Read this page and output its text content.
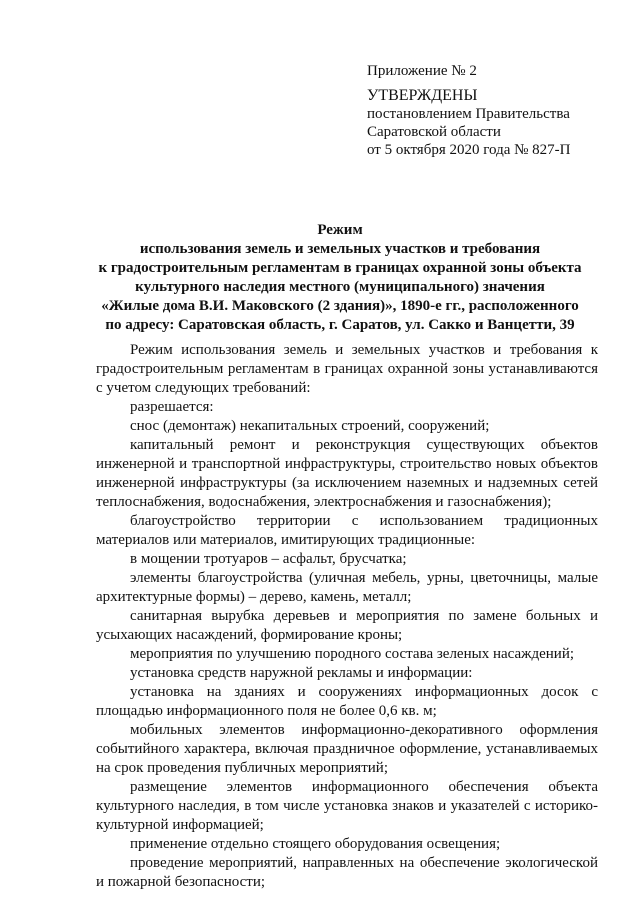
Приложение № 2
УТВЕРЖДЕНЫ
постановлением Правительства
Саратовской области
от 5 октября 2020 года № 827-П
Режим
использования земель и земельных участков и требования
к градостроительным регламентам в границах охранной зоны объекта
культурного наследия местного (муниципального) значения
«Жилые дома В.И. Маковского (2 здания)», 1890-е гг., расположенного
по адресу: Саратовская область, г. Саратов, ул. Сакко и Ванцетти, 39

Режим использования земель и земельных участков и требования к градостроительным регламентам в границах охранной зоны устанавливаются с учетом следующих требований:

разрешается:

снос (демонтаж) некапитальных строений, сооружений;

капитальный ремонт и реконструкция существующих объектов инженерной и транспортной инфраструктуры, строительство новых объектов инженерной инфраструктуры (за исключением наземных и надземных сетей теплоснабжения, водоснабжения, электроснабжения и газоснабжения);

благоустройство территории с использованием традиционных материалов или материалов, имитирующих традиционные:

в мощении тротуаров – асфальт, брусчатка;

элементы благоустройства (уличная мебель, урны, цветочницы, малые архитектурные формы) – дерево, камень, металл;

санитарная вырубка деревьев и мероприятия по замене больных и усыхающих насаждений, формирование кроны;

мероприятия по улучшению породного состава зеленых насаждений;

установка средств наружной рекламы и информации:

установка на зданиях и сооружениях информационных досок с площадью информационного поля не более 0,6 кв. м;

мобильных элементов информационно-декоративного оформления событийного характера, включая праздничное оформление, устанавливаемых на срок проведения публичных мероприятий;

размещение элементов информационного обеспечения объекта культурного наследия, в том числе установка знаков и указателей с историко-культурной информацией;

применение отдельно стоящего оборудования освещения;

проведение мероприятий, направленных на обеспечение экологической и пожарной безопасности;
